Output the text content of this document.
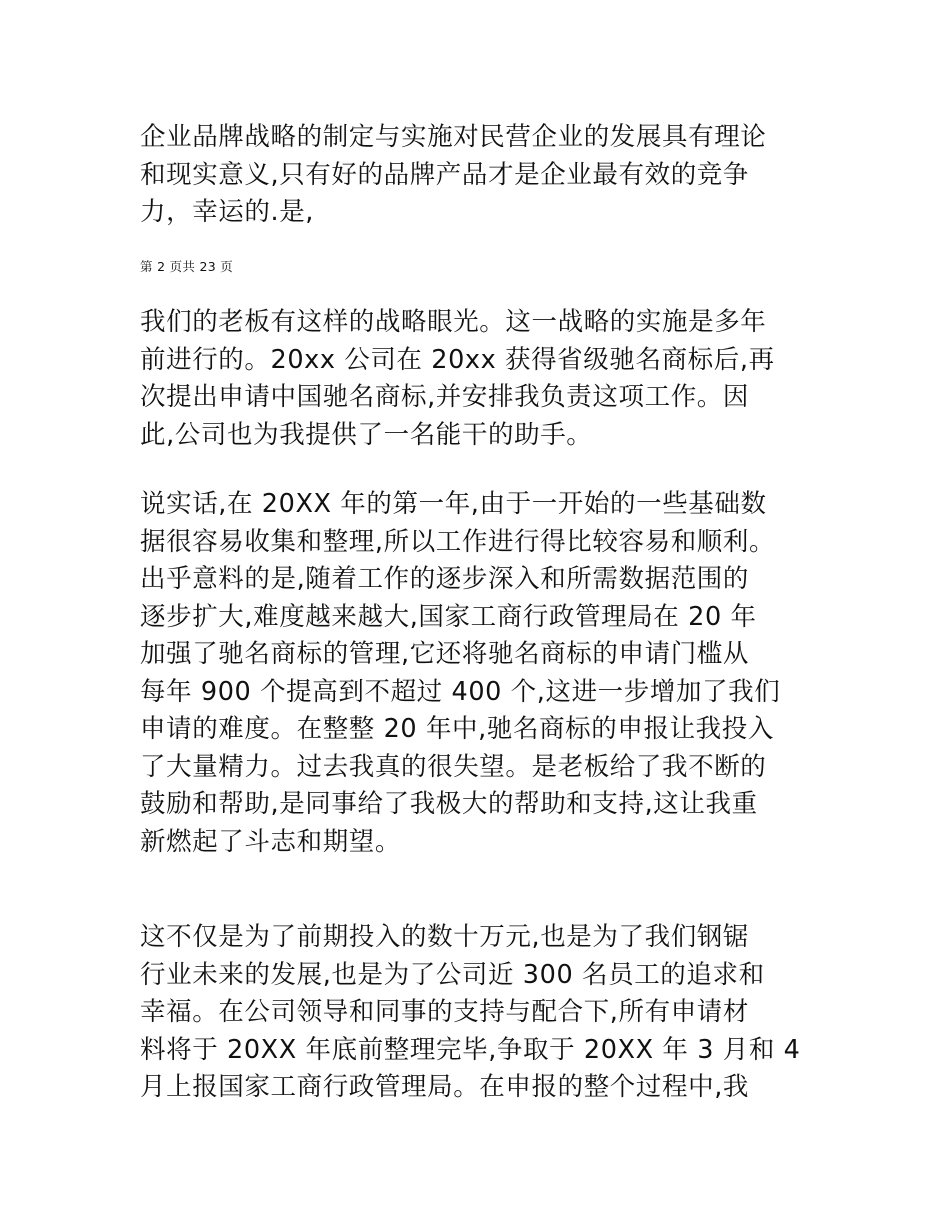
企业品牌战略的制定与实施对民营企业的发展具有理论
和现实意义,只有好的品牌产品才是企业最有效的竞争
力，幸运的.是,

第 2 页共 23 页

我们的老板有这样的战略眼光。这一战略的实施是多年
前进行的。20xx 公司在 20xx 获得省级驰名商标后,再
次提出申请中国驰名商标,并安排我负责这项工作。因
此,公司也为我提供了一名能干的助手。

说实话,在 20XX 年的第一年,由于一开始的一些基础数
据很容易收集和整理,所以工作进行得比较容易和顺利。
出乎意料的是,随着工作的逐步深入和所需数据范围的
逐步扩大,难度越来越大,国家工商行政管理局在 20 年
加强了驰名商标的管理,它还将驰名商标的申请门槛从
每年 900 个提高到不超过 400 个,这进一步增加了我们
申请的难度。在整整 20 年中,驰名商标的申报让我投入
了大量精力。过去我真的很失望。是老板给了我不断的
鼓励和帮助,是同事给了我极大的帮助和支持,这让我重
新燃起了斗志和期望。

这不仅是为了前期投入的数十万元,也是为了我们钢锯
行业未来的发展,也是为了公司近 300 名员工的追求和
幸福。在公司领导和同事的支持与配合下,所有申请材
料将于 20XX 年底前整理完毕,争取于 20XX 年 3 月和 4
月上报国家工商行政管理局。在申报的整个过程中,我
